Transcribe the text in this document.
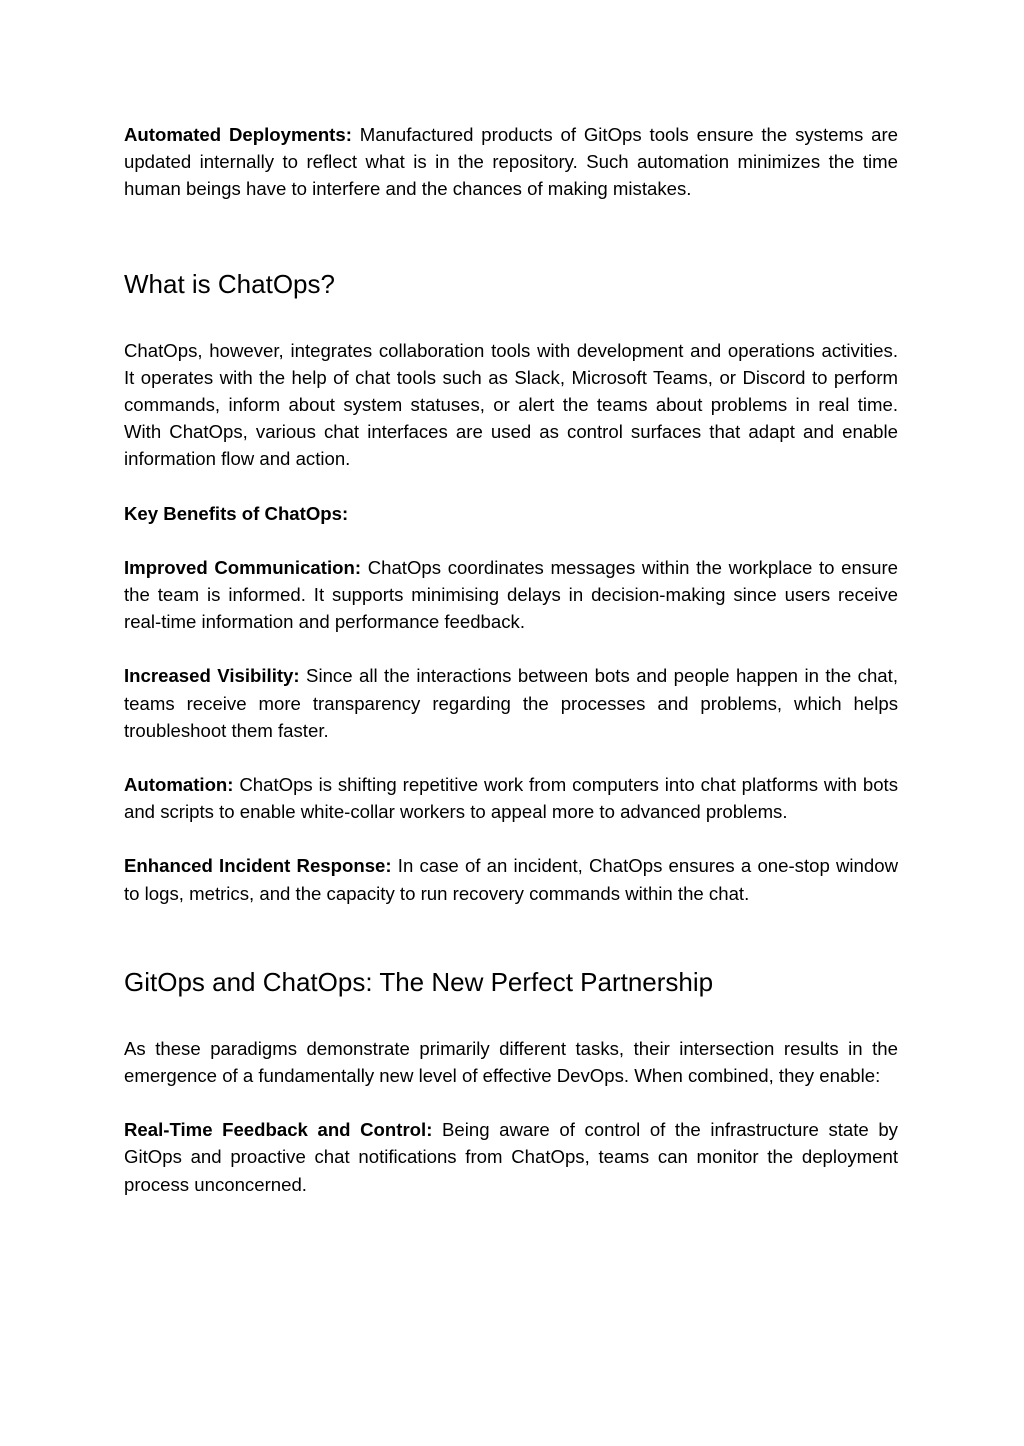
Automated Deployments: Manufactured products of GitOps tools ensure the systems are updated internally to reflect what is in the repository. Such automation minimizes the time human beings have to interfere and the chances of making mistakes.

What is ChatOps?

ChatOps, however, integrates collaboration tools with development and operations activities. It operates with the help of chat tools such as Slack, Microsoft Teams, or Discord to perform commands, inform about system statuses, or alert the teams about problems in real time. With ChatOps, various chat interfaces are used as control surfaces that adapt and enable information flow and action.

Key Benefits of ChatOps:

Improved Communication: ChatOps coordinates messages within the workplace to ensure the team is informed. It supports minimising delays in decision-making since users receive real-time information and performance feedback.

Increased Visibility: Since all the interactions between bots and people happen in the chat, teams receive more transparency regarding the processes and problems, which helps troubleshoot them faster.

Automation: ChatOps is shifting repetitive work from computers into chat platforms with bots and scripts to enable white-collar workers to appeal more to advanced problems.

Enhanced Incident Response: In case of an incident, ChatOps ensures a one-stop window to logs, metrics, and the capacity to run recovery commands within the chat.

GitOps and ChatOps: The New Perfect Partnership

As these paradigms demonstrate primarily different tasks, their intersection results in the emergence of a fundamentally new level of effective DevOps. When combined, they enable:

Real-Time Feedback and Control: Being aware of control of the infrastructure state by GitOps and proactive chat notifications from ChatOps, teams can monitor the deployment process unconcerned.
